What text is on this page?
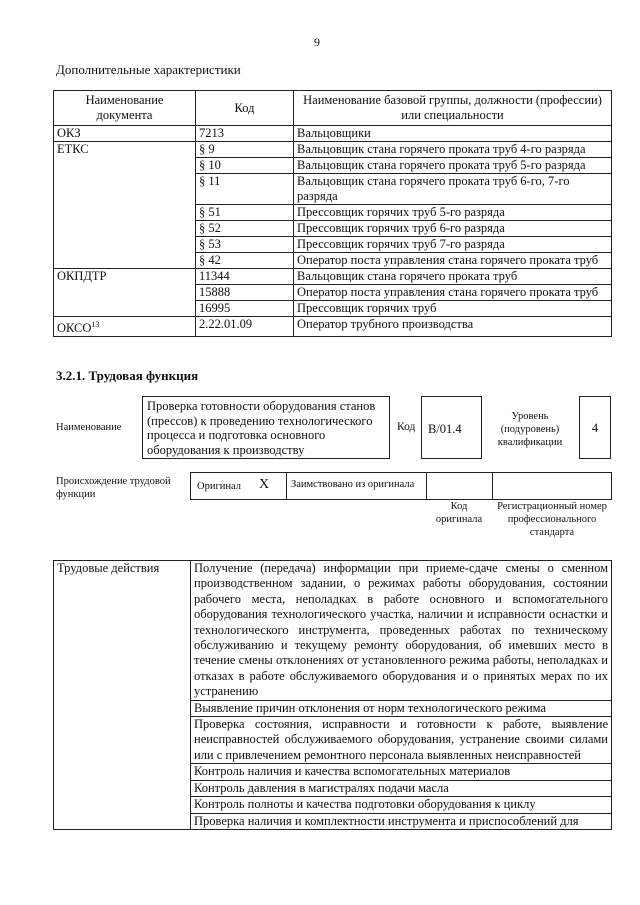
9
Дополнительные характеристики
Наименование документа	Код	Наименование базовой группы, должности (профессии) или специальности
ОКЗ	7213	Вальцовщики
ЕТКС	§ 9	Вальцовщик стана горячего проката труб 4-го разряда
	§ 10	Вальцовщик стана горячего проката труб 5-го разряда
	§ 11	Вальцовщик стана горячего проката труб 6-го, 7-го разряда
	§ 51	Прессовщик горячих труб 5-го разряда
	§ 52	Прессовщик горячих труб 6-го разряда
	§ 53	Прессовщик горячих труб 7-го разряда
	§ 42	Оператор поста управления стана горячего проката труб
ОКПДТР	11344	Вальцовщик стана горячего проката труб
	15888	Оператор поста управления стана горячего проката труб
	16995	Прессовщик горячих труб
ОКСО$^{13}$	2.22.01.09	Оператор трубного производства
3.2.1. Трудовая функция
Наименование
Проверка готовности оборудования станов (прессов) к проведению технологического процесса и подготовка основного оборудования к производству
Код	В/01.4
Уровень (подуровень) квалификации
4
Происхождение трудовой функции
Оригинал X	Заимствовано из оригинала
Код оригинала
Регистрационный номер профессионального стандарта
Трудовые действия	Получение (передача) информации при приеме-сдаче смены о сменном производственном задании, о режимах работы оборудования, состоянии рабочего места, неполадках в работе основного и вспомогательного оборудования технологического участка, наличии и исправности оснастки и технологического инструмента, проведенных работах по техническому обслуживанию и текущему ремонту оборудования, об имевших место в течение смены отклонениях от установленного режима работы, неполадках и отказах в работе обслуживаемого оборудования и о принятых мерах по их устранению
Выявление причин отклонения от норм технологического режима
Проверка состояния, исправности и готовности к работе, выявление неисправностей обслуживаемого оборудования, устранение своими силами или с привлечением ремонтного персонала выявленных неисправностей
Контроль наличия и качества вспомогательных материалов
Контроль давления в магистралях подачи масла
Контроль полноты и качества подготовки оборудования к циклу
Проверка наличия и комплектности инструмента и приспособлений для
